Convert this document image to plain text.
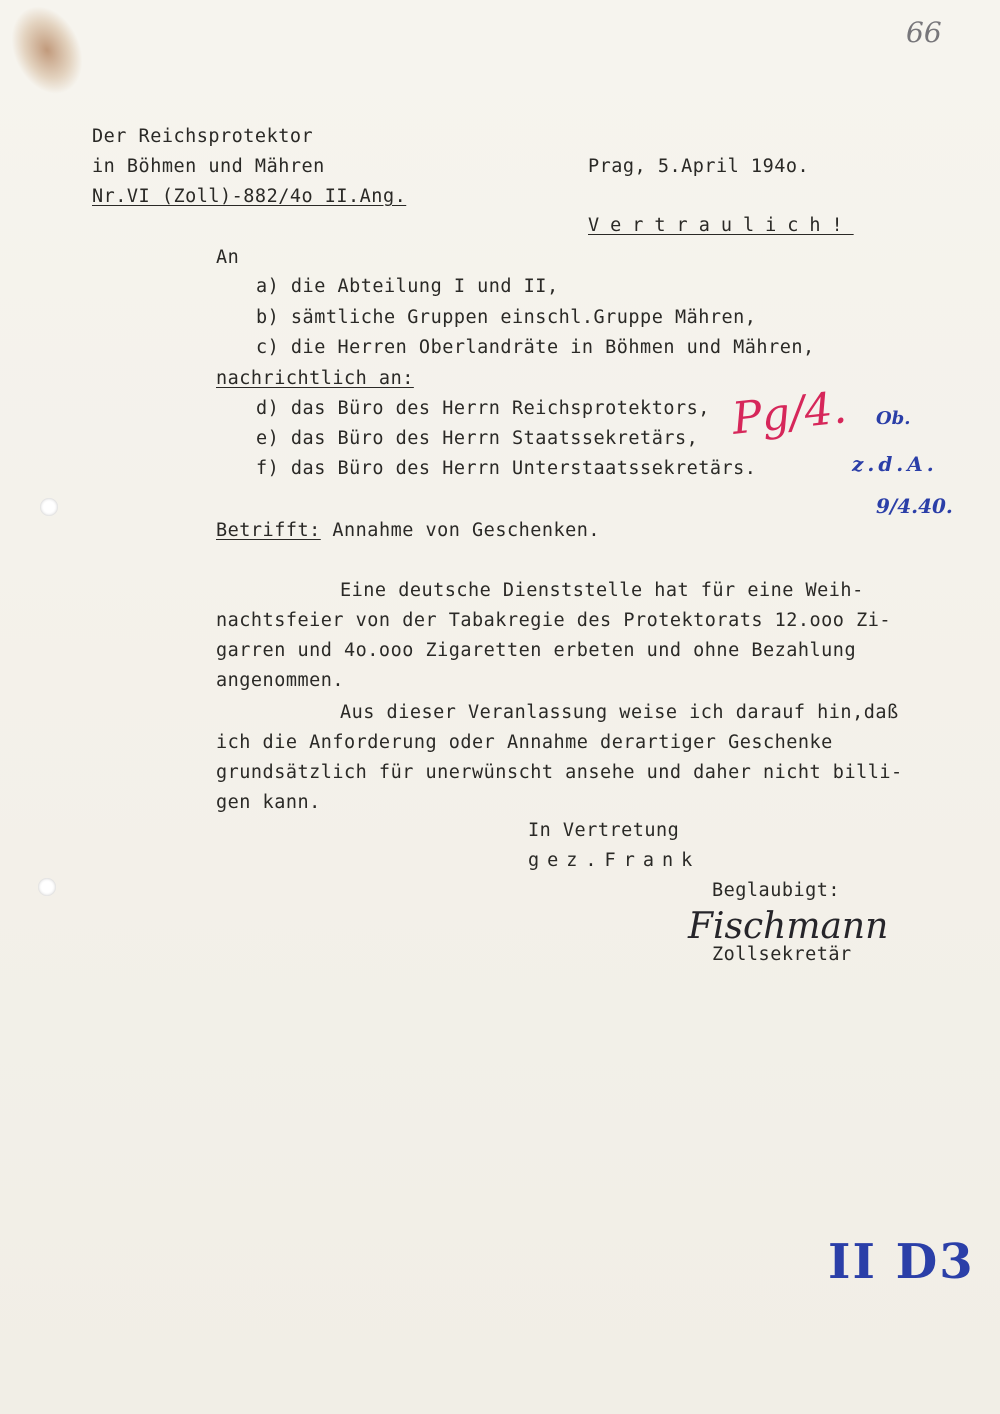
66
Der Reichsprotektor
in Böhmen und Mähren
Nr.VI (Zoll)-882/4o II.Ang.
Prag, 5.April 194o.
Vertraulich!
An
a) die Abteilung I und II,
b) sämtliche Gruppen einschl.Gruppe Mähren,
c) die Herren Oberlandräte in Böhmen und Mähren,
nachrichtlich an:
d) das Büro des Herrn Reichsprotektors,
e) das Büro des Herrn Staatssekretärs,
f) das Büro des Herrn Unterstaatssekretärs.
Pg/4. Ob.
z.d.A.
9/4.40.
Betrifft: Annahme von Geschenken.
Eine deutsche Dienststelle hat für eine Weih-
nachtsfeier von der Tabakregie des Protektorats 12.ooo Zi-
garren und 4o.ooo Zigaretten erbeten und ohne Bezahlung
angenommen.
Aus dieser Veranlassung weise ich darauf hin,daß
ich die Anforderung oder Annahme derartiger Geschenke
grundsätzlich für unerwünscht ansehe und daher nicht billi-
gen kann.
In Vertretung
gez.Frank
Beglaubigt:
Fischmann
Zollsekretär
II D3
